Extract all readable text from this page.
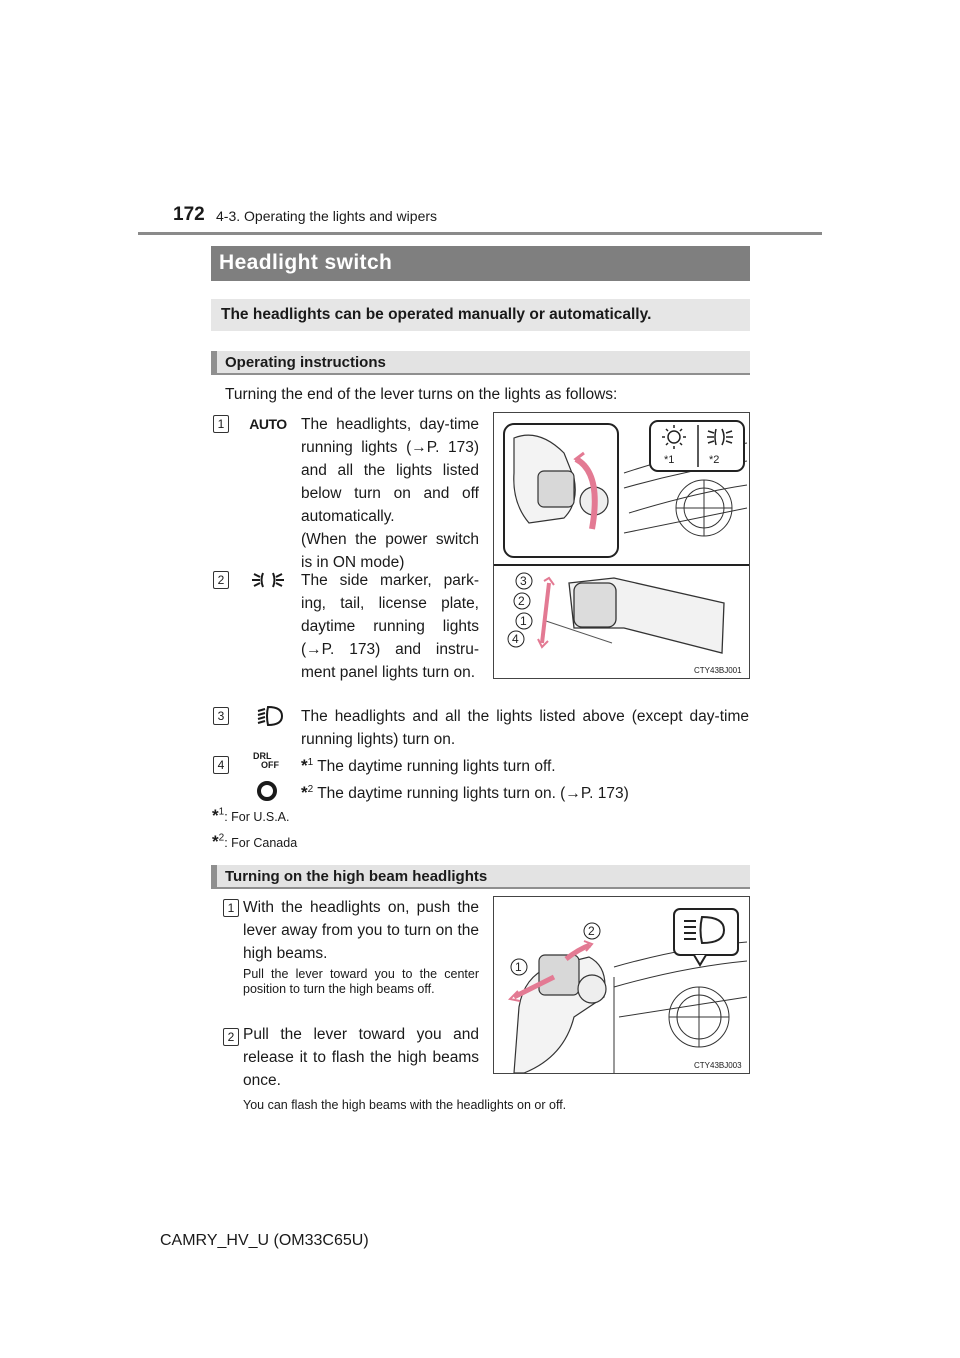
172 4-3. Operating the lights and wipers
Headlight switch
The headlights can be operated manually or automatically.
Operating instructions
Turning the end of the lever turns on the lights as follows:
1	AUTO The headlights, day-time running lights (→P. 173) and all the lights listed below turn on and off automatically.
(When the power switch is in ON mode)
2	The side marker, park-ing, tail, license plate, daytime running lights (→P. 173) and instru-ment panel lights turn on.
3	The headlights and all the lights listed above (except day-time running lights) turn on.
4
DRL
OFF *$^1$ The daytime running lights turn off.
*$^2$ The daytime running lights turn on. (→P. 173)
*$^1$: For U.S.A.
*$^2$: For Canada
*1	*2
3
2
1
4
CTY43BJ001
Turning on the high beam headlights
1 With the headlights on, push the lever away from you to turn on the high beams.
Pull the lever toward you to the center position to turn the high beams off.
2 Pull the lever toward you and release it to flash the high beams once.
You can flash the high beams with the headlights on or off.
1
2
CTY43BJ003
CAMRY_HV_U (OM33C65U)
